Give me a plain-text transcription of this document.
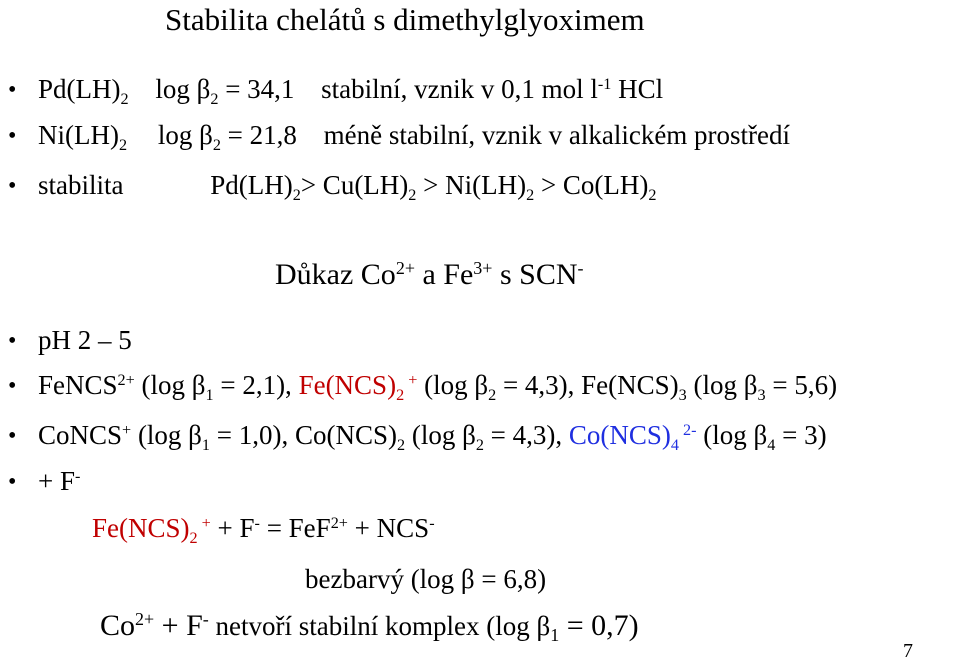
Stabilita chelátů s dimethylglyoximem
• $Pd(LH)_2$ $\log \beta_2 = 34,1$ stabilní, vznik v 0,1 mol $l^{-1}$ HCl
• $Ni(LH)_2$ $\log \beta_2 = 21,8$ méně stabilní, vznik v alkalickém prostředí
• stabilita	$Pd(LH)_2> Cu(LH)_2 > Ni(LH)_2 > Co(LH)_2$
Důkaz $Co^{2+}$ a $Fe^{3+}$ s SCN-
• pH 2 – 5
• FeNCS$^{2+}$ (log $\beta_1 = 2,1$), $Fe(NCS)_2$ + (log $\beta_2 = 4,3$), $Fe(NCS)_3$ (log $\beta_3 = 5,6$)
• CoNCS+ (log $\beta_1 = 1,0$), $Co(NCS)_2$ (log $\beta_2 = 4,3$), $Co(NCS)_4$ $^{2-}$ (log $\beta_4 = 3$)
• + F-
$Fe(NCS)_2$ + + F- = FeF$^{2+}$ + NCS-
bezbarvý (log β = 6,8)
$Co^{2+} + F^-$ netvoří stabilní komplex (log $\beta_1 = 0,7$)
7
